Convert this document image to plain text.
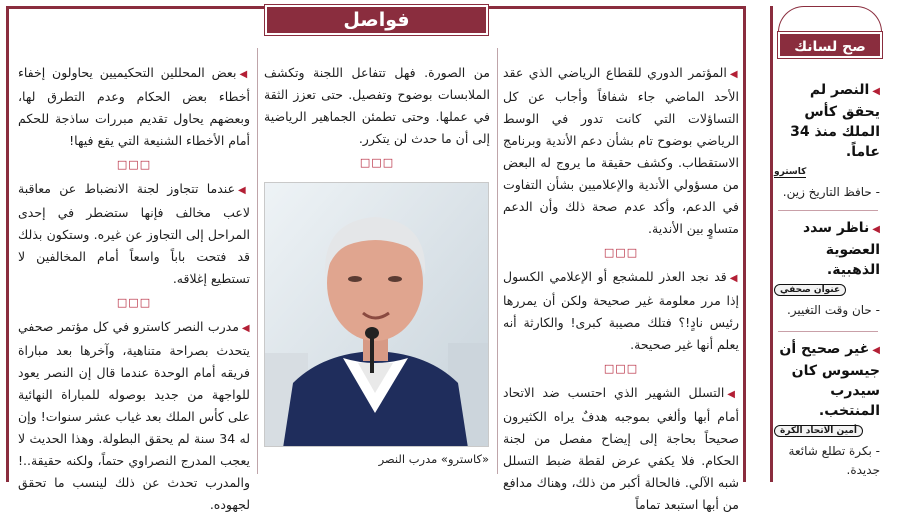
صح لسانك
◀النصر لم يحقق كأس الملك منذ 34 عاماً.
كاسترو
- حافظ التاريخ زين.
◀ناظر سدد العضوية الذهبية.
عنوان صحفي
- حان وقت التغيير.
◀غير صحيح أن جيسوس كان سيدرب المنتخب.
أمين الاتحاد الكرة
- بكرة تطلع شائعة جديدة.
فواصل

◀المؤتمر الدوري للقطاع الرياضي الذي عقد الأحد الماضي جاء شفافاً وأجاب عن كل التساؤلات التي كانت تدور في الوسط الرياضي بوضوح تام بشأن دعم الأندية وبرنامج الاستقطاب. وكشف حقيقة ما يروج له البعض من مسؤولي الأندية والإعلاميين بشأن التفاوت في الدعم، وأكد عدم صحة ذلك وأن الدعم متساوٍ بين الأندية.

□□□

◀قد نجد العذر للمشجع أو الإعلامي الكسول إذا مرر معلومة غير صحيحة ولكن أن يمررها رئيس نادٍ!؟ فتلك مصيبة كبرى! والكارثة أنه يعلم أنها غير صحيحة.

□□□

◀التسلل الشهير الذي احتسب ضد الاتحاد أمام أبها وألغي بموجبه هدفٌ يراه الكثيرون صحيحاً بحاجة إلى إيضاح مفصل من لجنة الحكام. فلا يكفي عرض لقطة ضبط التسلل شبه الآلي. فالحالة أكبر من ذلك، وهناك مدافع من أبها استبعد تماماً

من الصورة. فهل تتفاعل اللجنة وتكشف الملابسات بوضوح وتفصيل. حتى تعزز الثقة في عملها. وحتى تطمئن الجماهير الرياضية إلى أن ما حدث لن يتكرر.

□□□
«كاسترو» مدرب النصر

◀بعض المحللين التحكيميين يحاولون إخفاء أخطاء بعض الحكام وعدم التطرق لها، وبعضهم يحاول تقديم مبررات ساذجة للحكم أمام الأخطاء الشنيعة التي يقع فيها!

□□□

◀عندما تتجاوز لجنة الانضباط عن معاقبة لاعب مخالف فإنها ستضطر في إحدى المراحل إلى التجاوز عن غيره. وستكون بذلك قد فتحت باباً واسعاً أمام المخالفين لا تستطيع إغلاقه.

□□□

◀مدرب النصر كاسترو في كل مؤتمر صحفي يتحدث بصراحة متناهية، وآخرها بعد مباراة فريقه أمام الوحدة عندما قال إن النصر يعود للواجهة من جديد بوصوله للمباراة النهائية على كأس الملك بعد غياب عشر سنوات! وإن له 34 سنة لم يحقق البطولة. وهذا الحديث لا يعجب المدرج النصراوي حتماً، ولكنه حقيقة..! والمدرب تحدث عن ذلك لينسب ما تحقق لجهوده.
